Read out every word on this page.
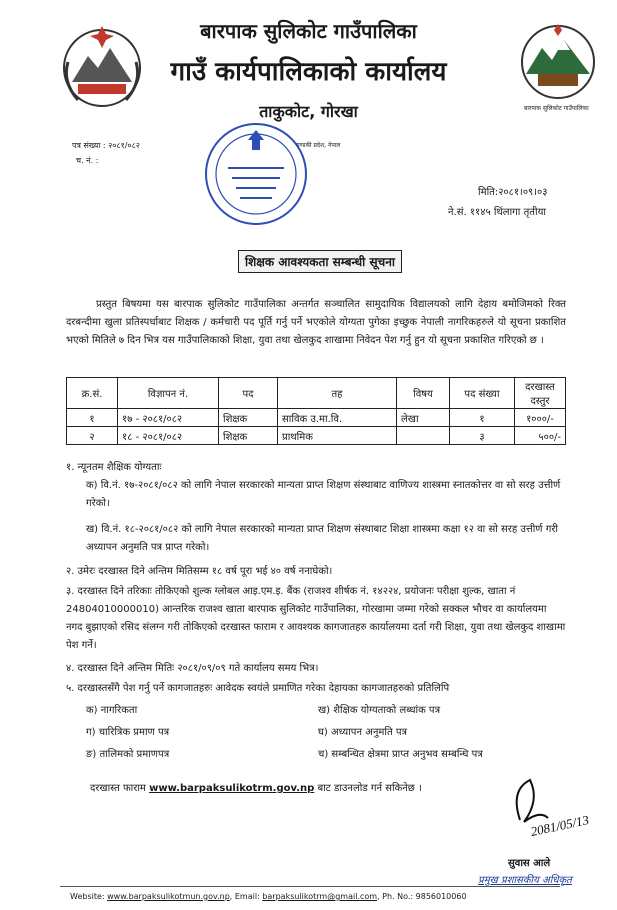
बारपाक सुलिकोट गाउँपालिका
बारपाक सुलिकोट गाउँपालिका
गाउँ कार्यपालिकाको कार्यालय
ताकुकोट, गोरखा
पत्र संख्या : २०८१/०८२
च. नं. :
गण्डकी प्रदेश, नेपाल
मिति:२०८१।०९।०३
ने.सं. ११४५ थिंलागा तृतीया
शिक्षक आवश्यकता सम्बन्धी सूचना
प्रस्तुत बिषयमा यस बारपाक सुलिकोट गाउँपालिका अन्तर्गत सञ्चालित सामुदायिक विद्यालयको लागि देहाय बमोजिमको रिक्त दरबन्दीमा खुला प्रतिस्पर्धाबाट शिक्षक / कर्मचारी पद पूर्ति गर्नु पर्ने भएकोले योग्यता पुगेका इच्छुक नेपाली नागरिकहरुले यो सूचना प्रकाशित भएको मितिले ७ दिन भित्र यस गाउँपालिकाको शिक्षा, युवा तथा खेलकुद शाखामा निवेदन पेश गर्नु हुन यो सूचना प्रकाशित गरिएको छ ।
क्र.सं.	विज्ञापन नं.	पद	तह	विषय	पद संख्या	दरखास्त दस्तुर
१	१७ - २०८१/०८२	शिक्षक	साविक उ.मा.वि.	लेखा	१	१०००/-
२	१८ - २०८१/०८२	शिक्षक	प्राथमिक		३	५००/-
१. न्यूनतम शैक्षिक योग्यताः
क) वि.नं. १७-२०८१/०८२ को लागि नेपाल सरकारको मान्यता प्राप्त शिक्षण संस्थाबाट वाणिज्य शास्त्रमा स्नातकोत्तर वा सो सरह उत्तीर्ण गरेको।
ख) वि.नं. १८-२०८१/०८२ को लागि नेपाल सरकारको मान्यता प्राप्त शिक्षण संस्थाबाट शिक्षा शास्त्रमा कक्षा १२ वा सो सरह उत्तीर्ण गरी अध्यापन अनुमति पत्र प्राप्त गरेको।
२. उमेरः दरखास्त दिने अन्तिम मितिसम्म १८ वर्ष पूरा भई ४० वर्ष ननाघेको।
३. दरखास्त दिने तरिकाः तोकिएको शुल्क ग्लोबल आइ.एम.इ. बैंक (राजश्व शीर्षक नं. १४२२४, प्रयोजनः परीक्षा शुल्क, खाता नं 24804010000010) आन्तरिक राजश्व खाता बारपाक सुलिकोट गाउँपालिका, गोरखामा जम्मा गरेको सक्कल भौचर वा कार्यालयमा नगद बुझाएको रसिद संलग्न गरी तोकिएको दरखास्त फाराम र आवश्यक कागजातहरु कार्यालयमा दर्ता गरी शिक्षा, युवा तथा खेलकुद शाखामा पेश गर्ने।
४. दरखास्त दिने अन्तिम मितिः २०८१/०९/०९ गते कार्यालय समय भित्र।
५. दरखास्तसँगै पेश गर्नु पर्ने कागजातहरुः आवेदक स्वयंले प्रमाणित गरेका देहायका कागजातहरुको प्रतिलिपि
क) नागरिकता	ख) शैक्षिक योग्यताको लब्धांक पत्र
ग) चारित्रिक प्रमाण पत्र	घ) अध्यापन अनुमति पत्र
ङ) तालिमको प्रमाणपत्र	च) सम्बन्धित क्षेत्रमा प्राप्त अनुभव सम्बन्धि पत्र
दरखास्त फाराम www.barpaksulikotrm.gov.np बाट डाउनलोड गर्न सकिनेछ ।
2081/05/13
सुवास आले
प्रमुख प्रशासकीय अधिकृत
Website: www.barpaksulikotmun.gov.np, Email: barpaksulikotrm@gmail.com, Ph. No.: 9856010060
